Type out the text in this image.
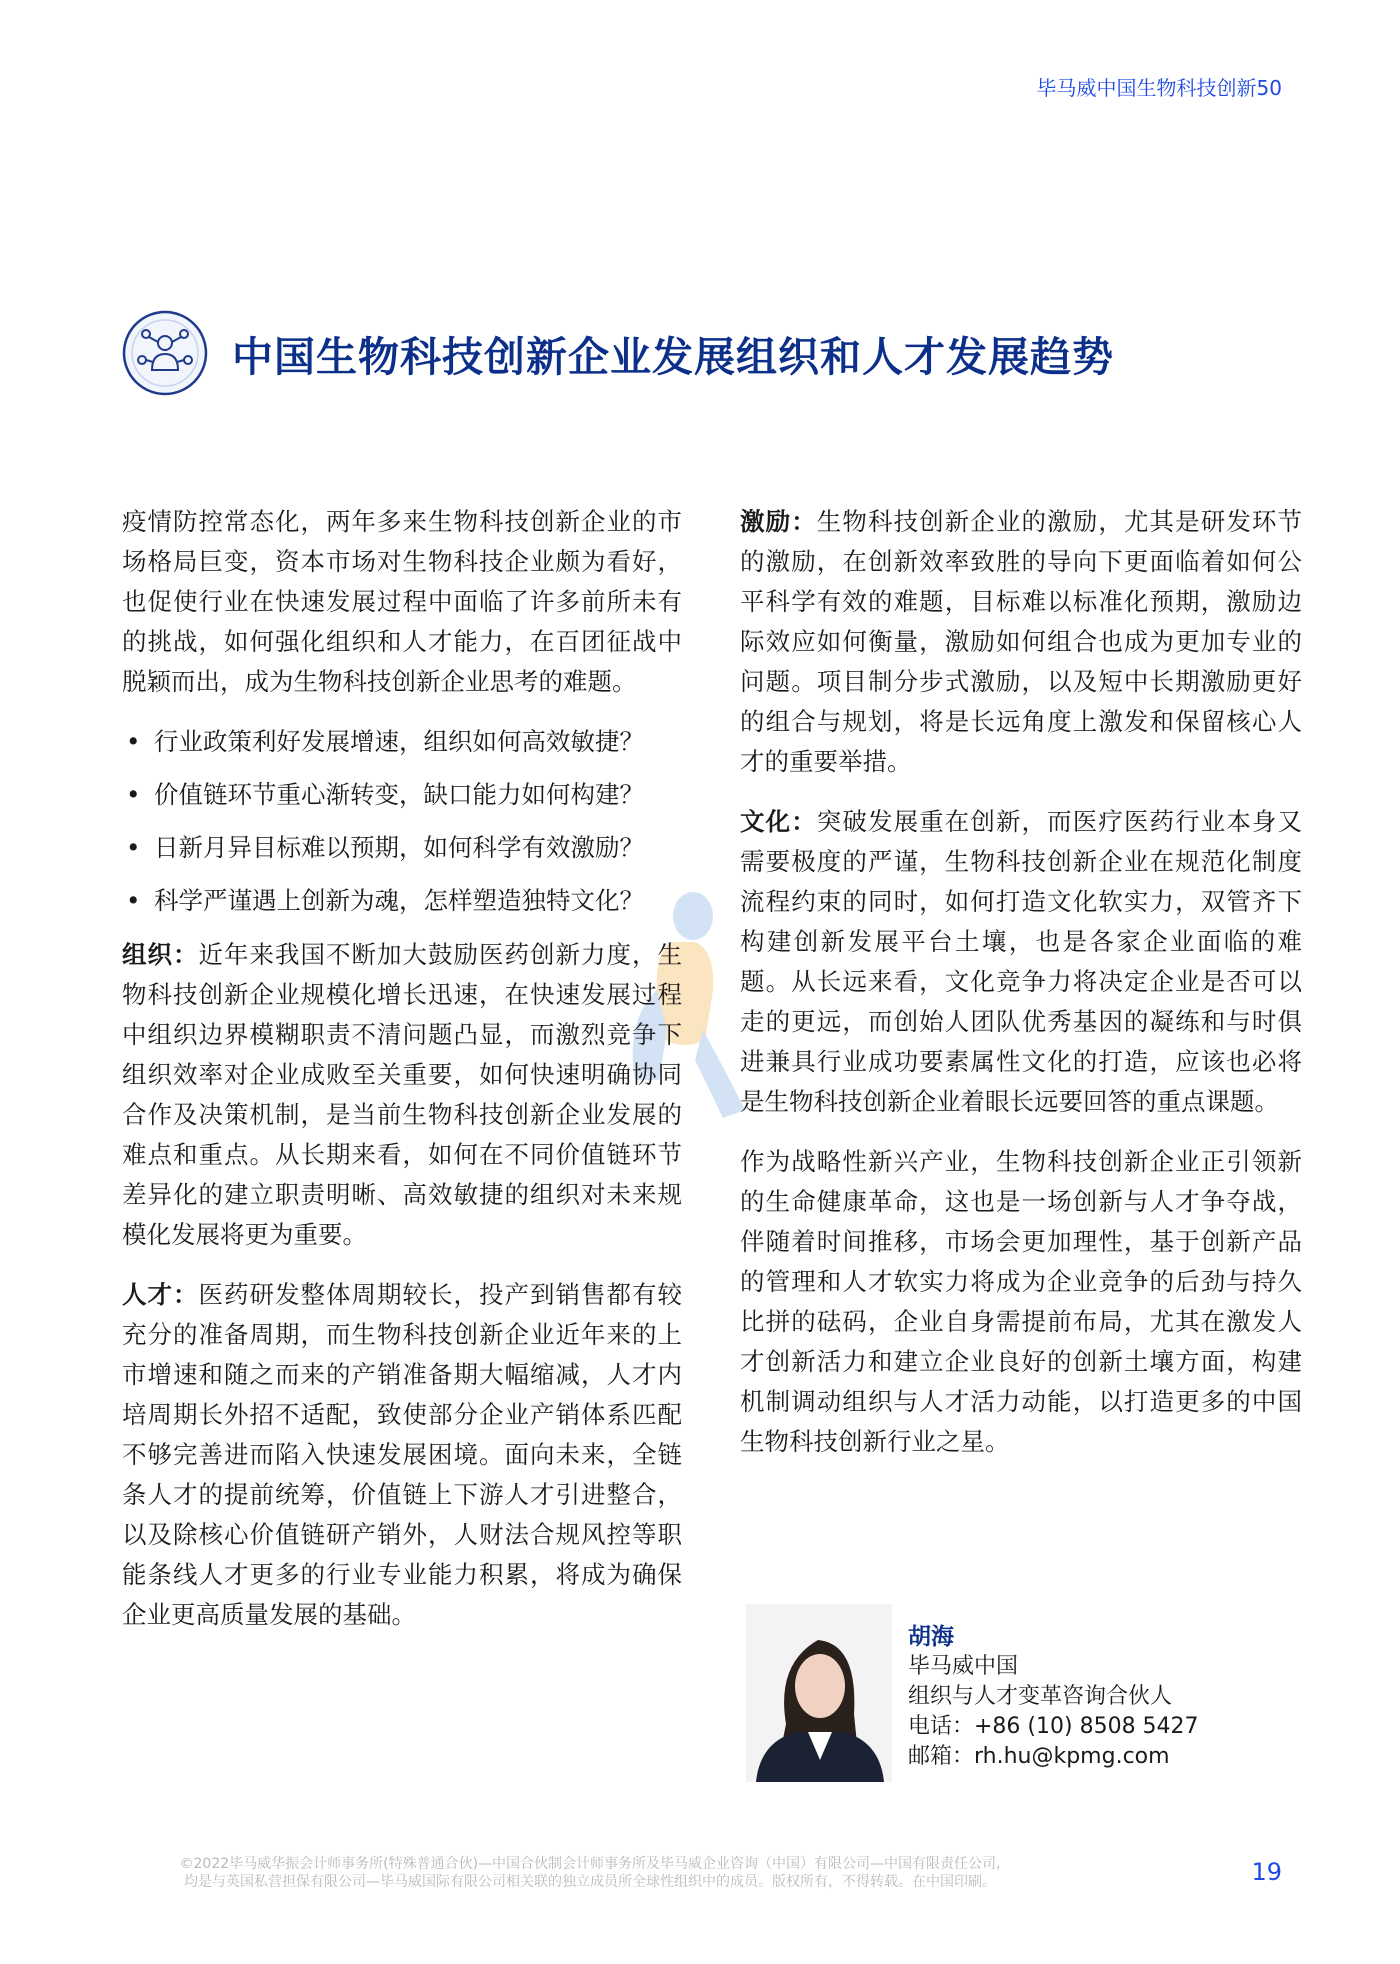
毕马威中国生物科技创新50
中国生物科技创新企业发展组织和人才发展趋势

疫情防控常态化，两年多来生物科技创新企业的市场格局巨变，资本市场对生物科技企业颇为看好，也促使行业在快速发展过程中面临了许多前所未有的挑战，如何强化组织和人才能力，在百团征战中脱颖而出，成为生物科技创新企业思考的难题。

• 行业政策利好发展增速，组织如何高效敏捷？
• 价值链环节重心渐转变，缺口能力如何构建？
• 日新月异目标难以预期，如何科学有效激励？
• 科学严谨遇上创新为魂，怎样塑造独特文化？

组织：近年来我国不断加大鼓励医药创新力度，生物科技创新企业规模化增长迅速，在快速发展过程中组织边界模糊职责不清问题凸显，而激烈竞争下组织效率对企业成败至关重要，如何快速明确协同合作及决策机制，是当前生物科技创新企业发展的难点和重点。从长期来看，如何在不同价值链环节差异化的建立职责明晰、高效敏捷的组织对未来规模化发展将更为重要。

人才：医药研发整体周期较长，投产到销售都有较充分的准备周期，而生物科技创新企业近年来的上市增速和随之而来的产销准备期大幅缩减，人才内培周期长外招不适配，致使部分企业产销体系匹配不够完善进而陷入快速发展困境。面向未来，全链条人才的提前统筹，价值链上下游人才引进整合，以及除核心价值链研产销外，人财法合规风控等职能条线人才更多的行业专业能力积累，将成为确保企业更高质量发展的基础。

激励：生物科技创新企业的激励，尤其是研发环节的激励，在创新效率致胜的导向下更面临着如何公平科学有效的难题，目标难以标准化预期，激励边际效应如何衡量，激励如何组合也成为更加专业的问题。项目制分步式激励，以及短中长期激励更好的组合与规划，将是长远角度上激发和保留核心人才的重要举措。

文化：突破发展重在创新，而医疗医药行业本身又需要极度的严谨，生物科技创新企业在规范化制度流程约束的同时，如何打造文化软实力，双管齐下构建创新发展平台土壤，也是各家企业面临的难题。从长远来看，文化竞争力将决定企业是否可以走的更远，而创始人团队优秀基因的凝练和与时俱进兼具行业成功要素属性文化的打造，应该也必将是生物科技创新企业着眼长远要回答的重点课题。

作为战略性新兴产业，生物科技创新企业正引领新的生命健康革命，这也是一场创新与人才争夺战，伴随着时间推移，市场会更加理性，基于创新产品的管理和人才软实力将成为企业竞争的后劲与持久比拼的砝码，企业自身需提前布局，尤其在激发人才创新活力和建立企业良好的创新土壤方面，构建机制调动组织与人才活力动能，以打造更多的中国生物科技创新行业之星。

胡海
毕马威中国
组织与人才变革咨询合伙人
电话：+86 (10) 8508 5427
邮箱：rh.hu@kpmg.com
©2022毕马威华振会计师事务所(特殊普通合伙)—中国合伙制会计师事务所及毕马威企业咨询（中国）有限公司—中国有限责任公司,
均是与英国私营担保有限公司—毕马威国际有限公司相关联的独立成员所全球性组织中的成员。版权所有，不得转载。在中国印刷。	19
